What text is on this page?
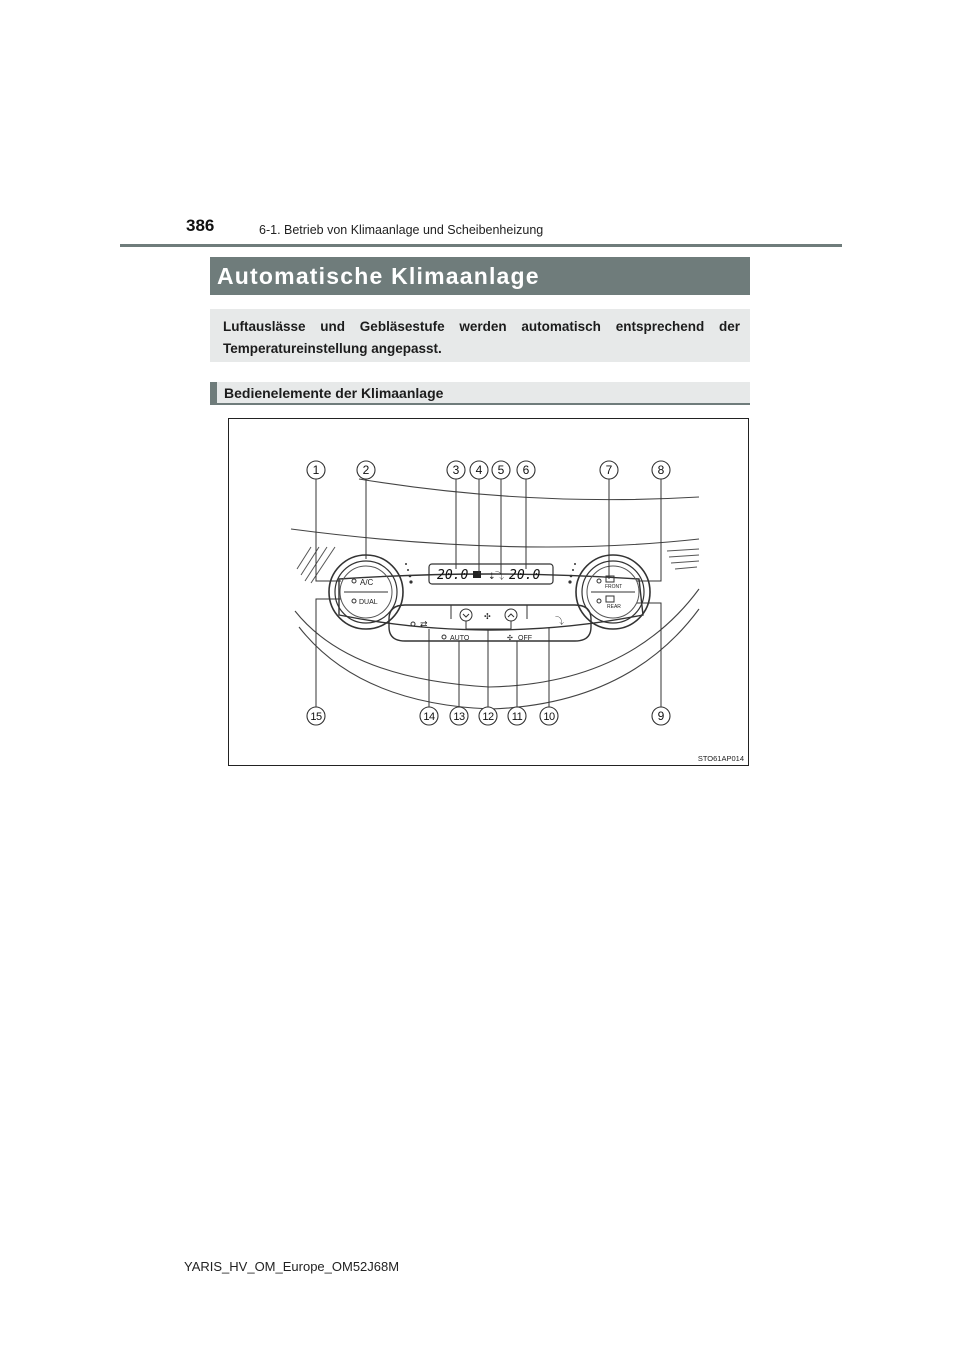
386	6-1. Betrieb von Klimaanlage und Scheibenheizung
Automatische Klimaanlage
Luftauslässe und Gebläsestufe werden automatisch entsprechend der Temperatureinstellung angepasst.
Bedienelemente der Klimaanlage
A/C
DUAL
20.0	20.0
⇣ ⤵
FRONT
REAR
⇄
✣
AUTO	✣ OFF
⤵
1	2	3 4 5 6	7	8
15	14 13 12 11 10	9
STO61AP014
YARIS_HV_OM_Europe_OM52J68M
